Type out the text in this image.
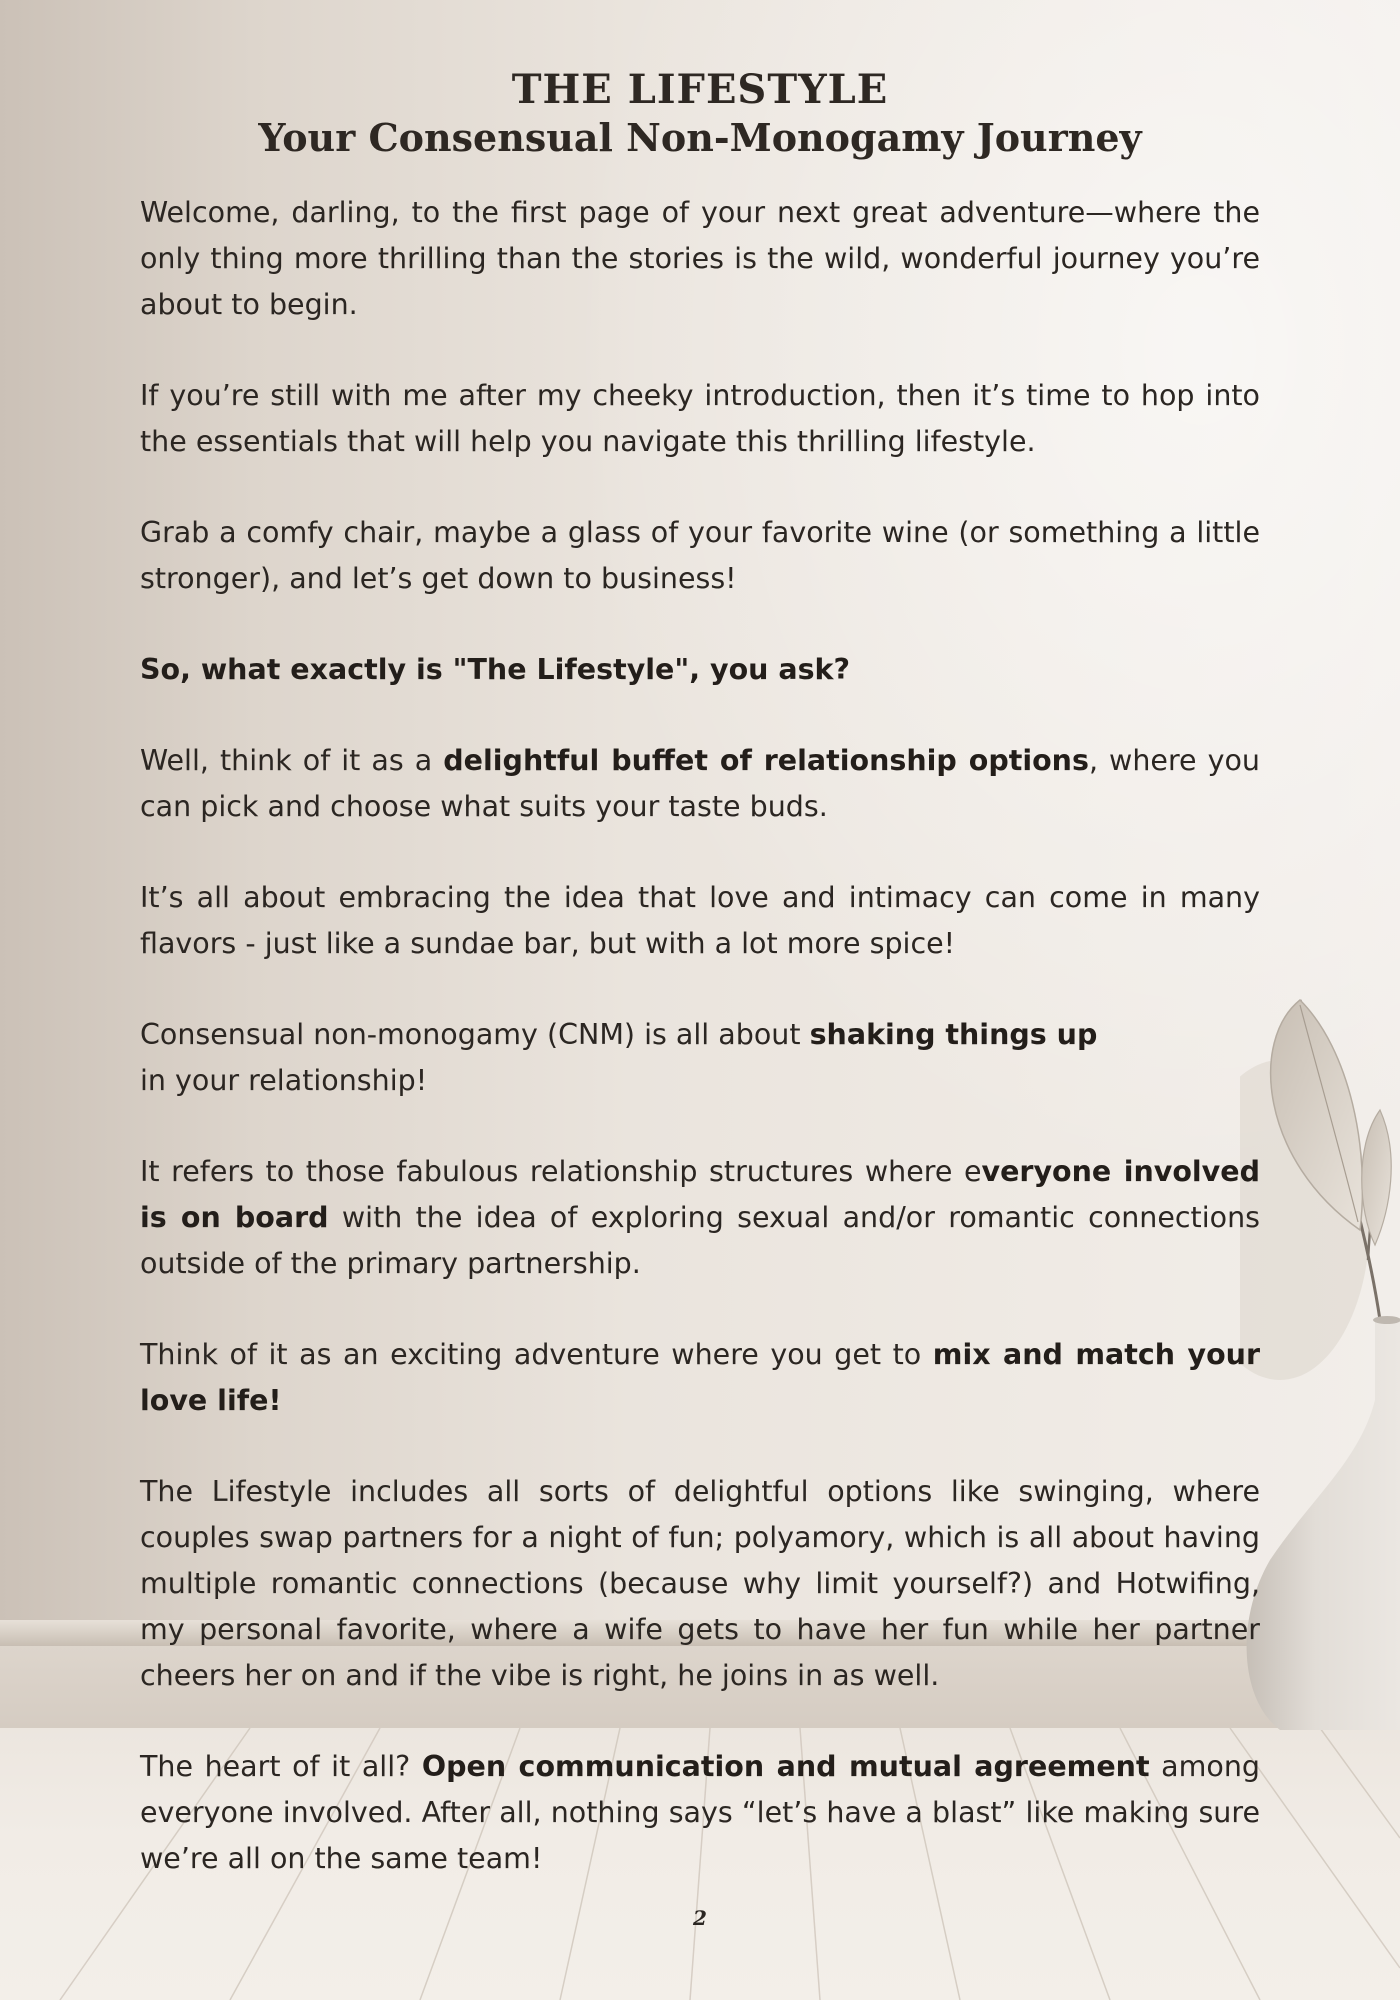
THE LIFESTYLE
Your Consensual Non-Monogamy Journey

Welcome, darling, to the first page of your next great adventure—where the only thing more thrilling than the stories is the wild, wonderful journey you’re about to begin.

If you’re still with me after my cheeky introduction, then it’s time to hop into the essentials that will help you navigate this thrilling lifestyle.

Grab a comfy chair, maybe a glass of your favorite wine (or something a little stronger), and let’s get down to business!

So, what exactly is "The Lifestyle", you ask?

Well, think of it as a delightful buffet of relationship options, where you can pick and choose what suits your taste buds.

It’s all about embracing the idea that love and intimacy can come in many flavors - just like a sundae bar, but with a lot more spice!

Consensual non-monogamy (CNM) is all about shaking things up in your relationship!

It refers to those fabulous relationship structures where everyone involved is on board with the idea of exploring sexual and/or romantic connections outside of the primary partnership.

Think of it as an exciting adventure where you get to mix and match your love life!

The Lifestyle includes all sorts of delightful options like swinging, where couples swap partners for a night of fun; polyamory, which is all about having multiple romantic connections (because why limit yourself?) and Hotwifing, my personal favorite, where a wife gets to have her fun while her partner cheers her on and if the vibe is right, he joins in as well.

The heart of it all? Open communication and mutual agreement among everyone involved. After all, nothing says “let’s have a blast” like making sure we’re all on the same team!

2
